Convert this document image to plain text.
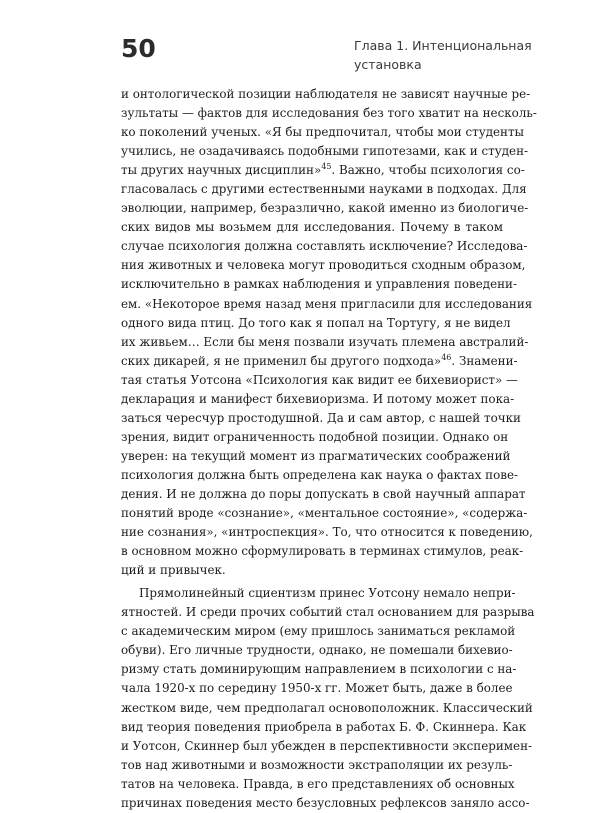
50	Глава 1. Интенциональная
установка
и онтологической позиции наблюдателя не зависят научные ре-
зультаты — фактов для исследования без того хватит на несколь-
ко поколений ученых. «Я бы предпочитал, чтобы мои студенты
учились, не озадачиваясь подобными гипотезами, как и студен-
ты других научных дисциплин»$^{45}$. Важно, чтобы психология со-
гласовалась с другими естественными науками в подходах. Для
эволюции, например, безразлично, какой именно из биологиче-
ских видов мы возьмем для исследования. Почему в таком
случае психология должна составлять исключение? Исследова-
ния животных и человека могут проводиться сходным образом,
исключительно в рамках наблюдения и управления поведени-
ем. «Некоторое время назад меня пригласили для исследования
одного вида птиц. До того как я попал на Тортугу, я не видел
их живьем… Если бы меня позвали изучать племена австралий-
ских дикарей, я не применил бы другого подхода»$^{46}$. Знамени-
тая статья Уотсона «Психология как видит ее бихевиорист» —
декларация и манифест бихевиоризма. И потому может пока-
заться чересчур простодушной. Да и сам автор, с нашей точки
зрения, видит ограниченность подобной позиции. Однако он
уверен: на текущий момент из прагматических соображений
психология должна быть определена как наука о фактах пове-
дения. И не должна до поры допускать в свой научный аппарат
понятий вроде «сознание», «ментальное состояние», «содержа-
ние сознания», «интроспекция». То, что относится к поведению,
в основном можно сформулировать в терминах стимулов, реак-
ций и привычек.
Прямолинейный сциентизм принес Уотсону немало непри-
ятностей. И среди прочих событий стал основанием для разрыва
с академическим миром (ему пришлось заниматься рекламой
обуви). Его личные трудности, однако, не помешали бихевио-
ризму стать доминирующим направлением в психологии с на-
чала 1920-х по середину 1950-х гг. Может быть, даже в более
жестком виде, чем предполагал основоположник. Классический
вид теория поведения приобрела в работах Б. Ф. Скиннера. Как
и Уотсон, Скиннер был убежден в перспективности эксперимен-
тов над животными и возможности экстраполяции их резуль-
татов на человека. Правда, в его представлениях об основных
причинах поведения место безусловных рефлексов заняло ассо-
